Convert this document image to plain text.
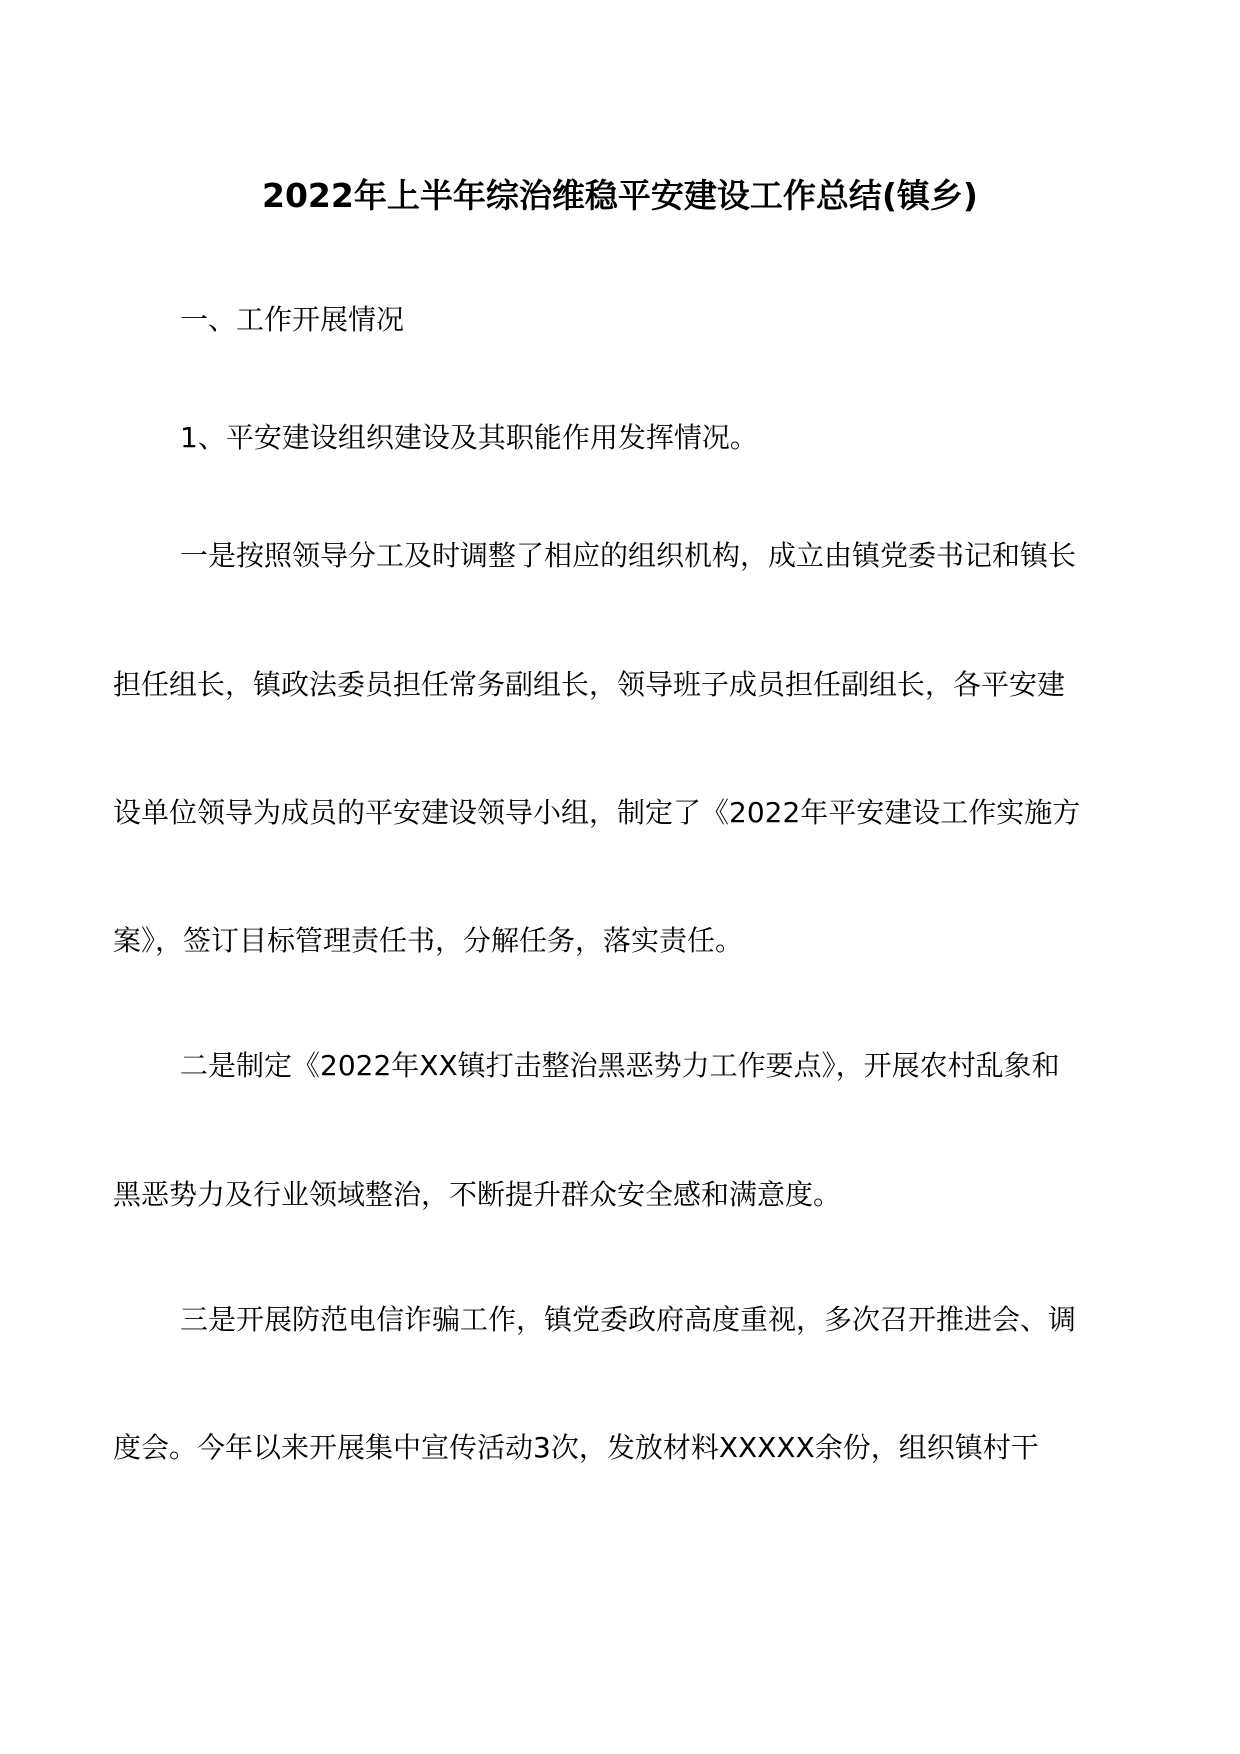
2022年上半年综治维稳平安建设工作总结(镇乡)
一、工作开展情况
1、平安建设组织建设及其职能作用发挥情况。
一是按照领导分工及时调整了相应的组织机构，成立由镇党委书记和镇长
担任组长，镇政法委员担任常务副组长，领导班子成员担任副组长，各平安建
设单位领导为成员的平安建设领导小组，制定了《2022年平安建设工作实施方
案》，签订目标管理责任书，分解任务，落实责任。
二是制定《2022年XX镇打击整治黑恶势力工作要点》，开展农村乱象和
黑恶势力及行业领域整治，不断提升群众安全感和满意度。
三是开展防范电信诈骗工作，镇党委政府高度重视，多次召开推进会、调
度会。今年以来开展集中宣传活动3次，发放材料XXXXX余份，组织镇村干
